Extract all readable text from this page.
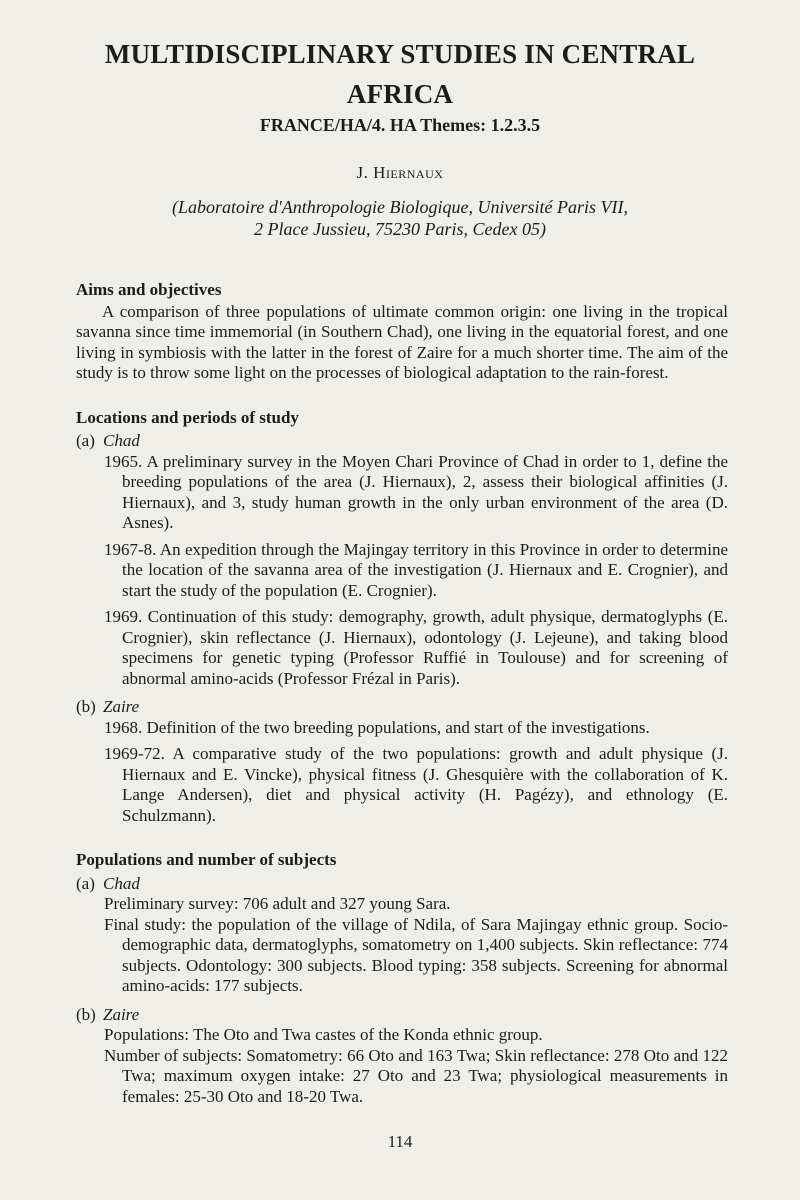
MULTIDISCIPLINARY STUDIES IN CENTRAL AFRICA
FRANCE/HA/4. HA Themes: 1.2.3.5
J. Hiernaux
(Laboratoire d'Anthropologie Biologique, Université Paris VII,
2 Place Jussieu, 75230 Paris, Cedex 05)
Aims and objectives

A comparison of three populations of ultimate common origin: one living in the tropical savanna since time immemorial (in Southern Chad), one living in the equatorial forest, and one living in symbiosis with the latter in the forest of Zaire for a much shorter time. The aim of the study is to throw some light on the processes of biological adaptation to the rain-forest.

Locations and periods of study
(a) Chad
1965. A preliminary survey in the Moyen Chari Province of Chad in order to 1, define the breeding populations of the area (J. Hiernaux), 2, assess their biological affinities (J. Hiernaux), and 3, study human growth in the only urban environment of the area (D. Asnes).
1967-8. An expedition through the Majingay territory in this Province in order to determine the location of the savanna area of the investigation (J. Hiernaux and E. Crognier), and start the study of the population (E. Crognier).
1969. Continuation of this study: demography, growth, adult physique, dermatoglyphs (E. Crognier), skin reflectance (J. Hiernaux), odontology (J. Lejeune), and taking blood specimens for genetic typing (Professor Ruffié in Toulouse) and for screening of abnormal amino-acids (Professor Frézal in Paris).
(b) Zaire
1968. Definition of the two breeding populations, and start of the investigations.
1969-72. A comparative study of the two populations: growth and adult physique (J. Hiernaux and E. Vincke), physical fitness (J. Ghesquière with the collaboration of K. Lange Andersen), diet and physical activity (H. Pagézy), and ethnology (E. Schulzmann).
Populations and number of subjects
(a) Chad
Preliminary survey: 706 adult and 327 young Sara.
Final study: the population of the village of Ndila, of Sara Majingay ethnic group. Socio-demographic data, dermatoglyphs, somatometry on 1,400 subjects. Skin reflectance: 774 subjects. Odontology: 300 subjects. Blood typing: 358 subjects. Screening for abnormal amino-acids: 177 subjects.
(b) Zaire
Populations: The Oto and Twa castes of the Konda ethnic group.
Number of subjects: Somatometry: 66 Oto and 163 Twa; Skin reflectance: 278 Oto and 122 Twa; maximum oxygen intake: 27 Oto and 23 Twa; physiological measurements in females: 25-30 Oto and 18-20 Twa.
114
